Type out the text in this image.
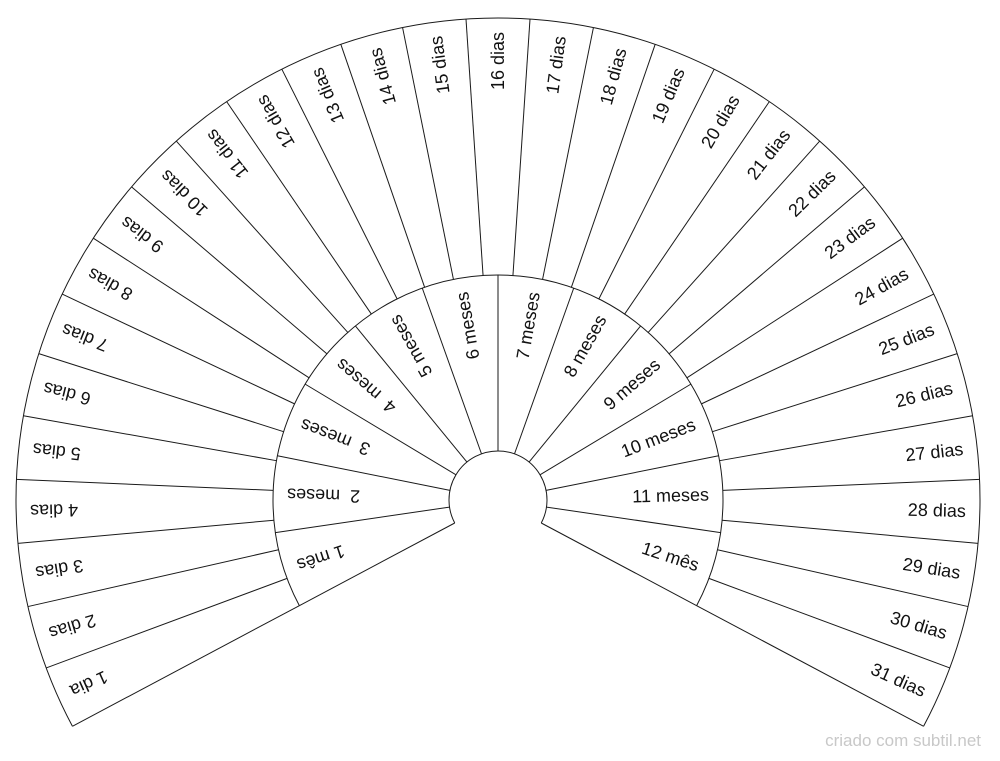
1 dia
2 dias
3 dias
4 dias
5 dias
6 dias
7 dias
8 dias
9 dias
10 dias
11 dias
12 dias 13 dias 14 dias 15 dias 16 dias 17 dias 18 dias 19 dias 20 dias
21 dias
22 dias
23 dias
24 dias
25 dias
26 dias
27 dias
28 dias
29 dias
30 dias
31 dias
1 mês
2  meses
3  meses
4  meses
5 meses 6 meses 7 meses 8 meses
9 meses
10 meses
11 meses
12 mês
criado com subtil.net
